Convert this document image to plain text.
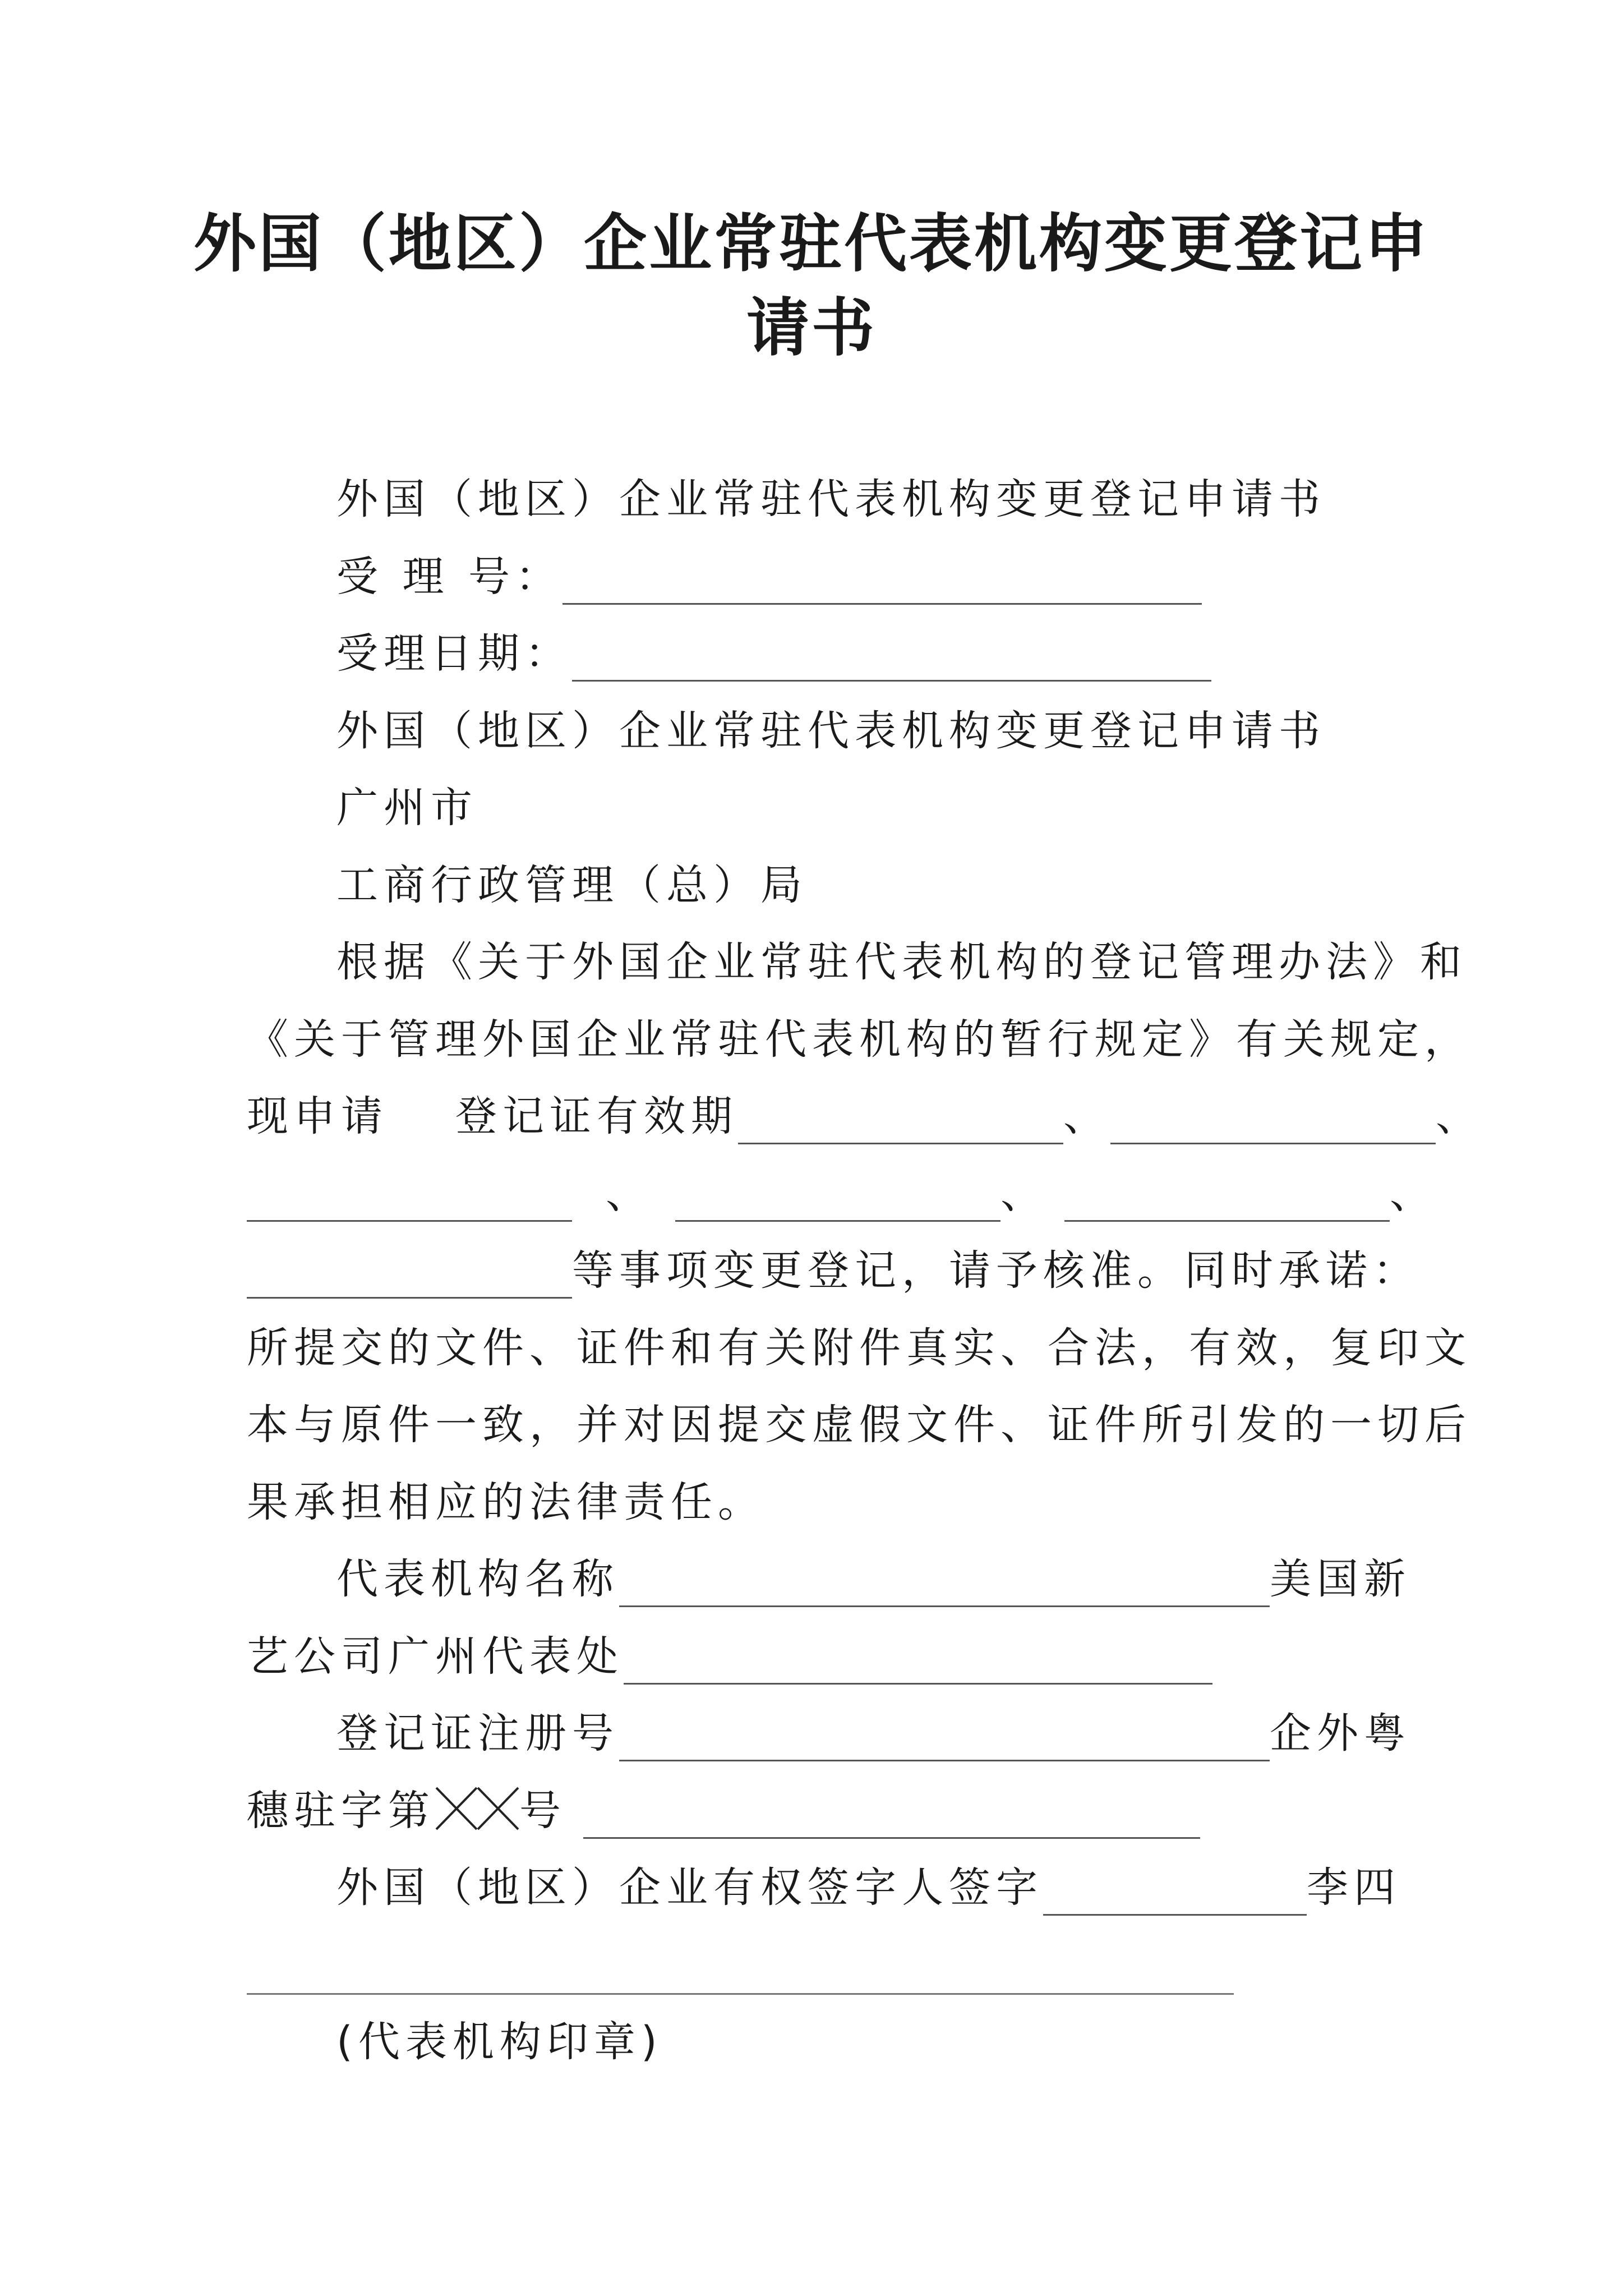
外国（地区）企业常驻代表机构变更登记申
请书
外国（地区）企业常驻代表机构变更登记申请书
受 理 号：
受理日期：
外国（地区）企业常驻代表机构变更登记申请书
广州市
工商行政管理（总）局
根据《关于外国企业常驻代表机构的登记管理办法》和
《关于管理外国企业常驻代表机构的暂行规定》有关规定，
现申请 登记证有效期	、	、
、	、	、
等事项变更登记，请予核准。同时承诺：
所提交的文件、证件和有关附件真实、合法，有效，复印文
本与原件一致，并对因提交虚假文件、证件所引发的一切后
果承担相应的法律责任。
代表机构名称	美国新
艺公司广州代表处
登记证注册号	企外粤
穗驻字第 号
外国（地区）企业有权签字人签字	李四
(代表机构印章)
